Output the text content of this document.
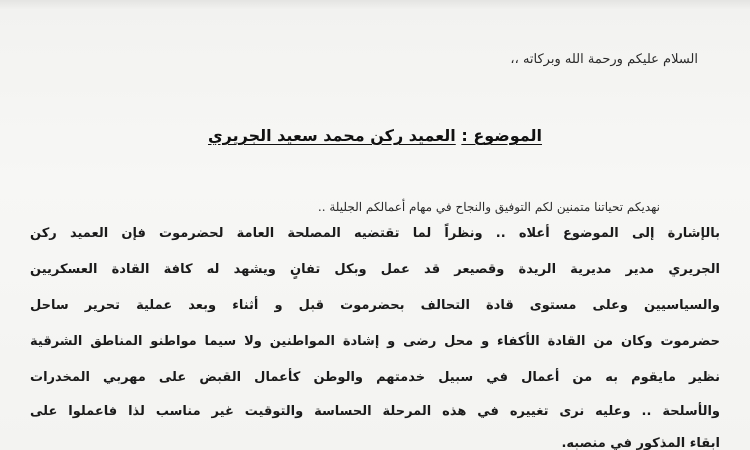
السلام عليكم ورحمة الله وبركاته ،،
الموضوع : العميد ركن محمد سعيد الجريري
نهديكم تحياتنا متمنين لكم التوفيق والنجاح في مهام أعمالكم الجليلة ..
بالإشارة إلى الموضوع أعلاه .. ونظراً لما تقتضيه المصلحة العامة لحضرموت فإن العميد ركن
الجريري مدير مديرية الريدة وقصيعر قد عمل وبكل تفانٍ ويشهد له كافة القادة العسكريين
والسياسيين وعلى مستوى قادة التحالف بحضرموت قبل و أثناء وبعد عملية تحرير ساحل
حضرموت وكان من القادة الأكفاء و محل رضى و إشادة المواطنين ولا سيما مواطنو المناطق الشرقية
نظير مايقوم به من أعمال في سبيل خدمتهم والوطن كأعمال القبض على مهربي المخدرات
والأسلحة .. وعليه نرى تغييره في هذه المرحلة الحساسة والتوقيت غير مناسب لذا فاعملوا على
ابقاء المذكور في منصبه.
